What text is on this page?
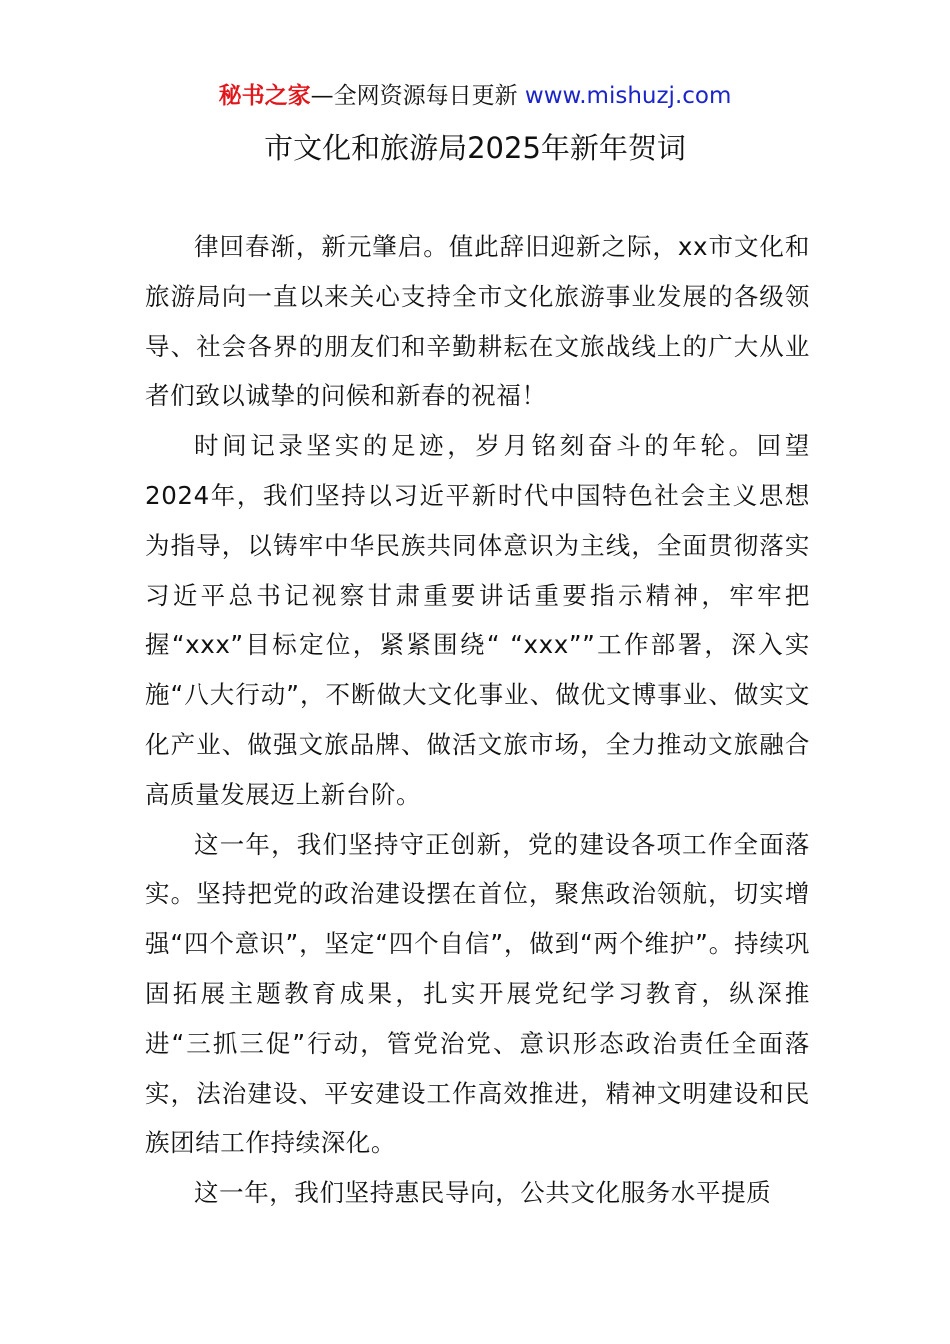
秘书之家—全网资源每日更新 www.mishuzj.com
市文化和旅游局2025年新年贺词

律回春渐，新元肇启。值此辞旧迎新之际，xx市文化和旅游局向一直以来关心支持全市文化旅游事业发展的各级领导、社会各界的朋友们和辛勤耕耘在文旅战线上的广大从业者们致以诚挚的问候和新春的祝福！

时间记录坚实的足迹，岁月铭刻奋斗的年轮。回望2024年，我们坚持以习近平新时代中国特色社会主义思想为指导，以铸牢中华民族共同体意识为主线，全面贯彻落实习近平总书记视察甘肃重要讲话重要指示精神，牢牢把握“xxx”目标定位，紧紧围绕“ “xxx””工作部署，深入实施“八大行动”，不断做大文化事业、做优文博事业、做实文化产业、做强文旅品牌、做活文旅市场，全力推动文旅融合高质量发展迈上新台阶。

这一年，我们坚持守正创新，党的建设各项工作全面落实。坚持把党的政治建设摆在首位，聚焦政治领航，切实增强“四个意识”，坚定“四个自信”，做到“两个维护”。持续巩固拓展主题教育成果，扎实开展党纪学习教育，纵深推进“三抓三促”行动，管党治党、意识形态政治责任全面落实，法治建设、平安建设工作高效推进，精神文明建设和民族团结工作持续深化。

这一年，我们坚持惠民导向，公共文化服务水平提质
